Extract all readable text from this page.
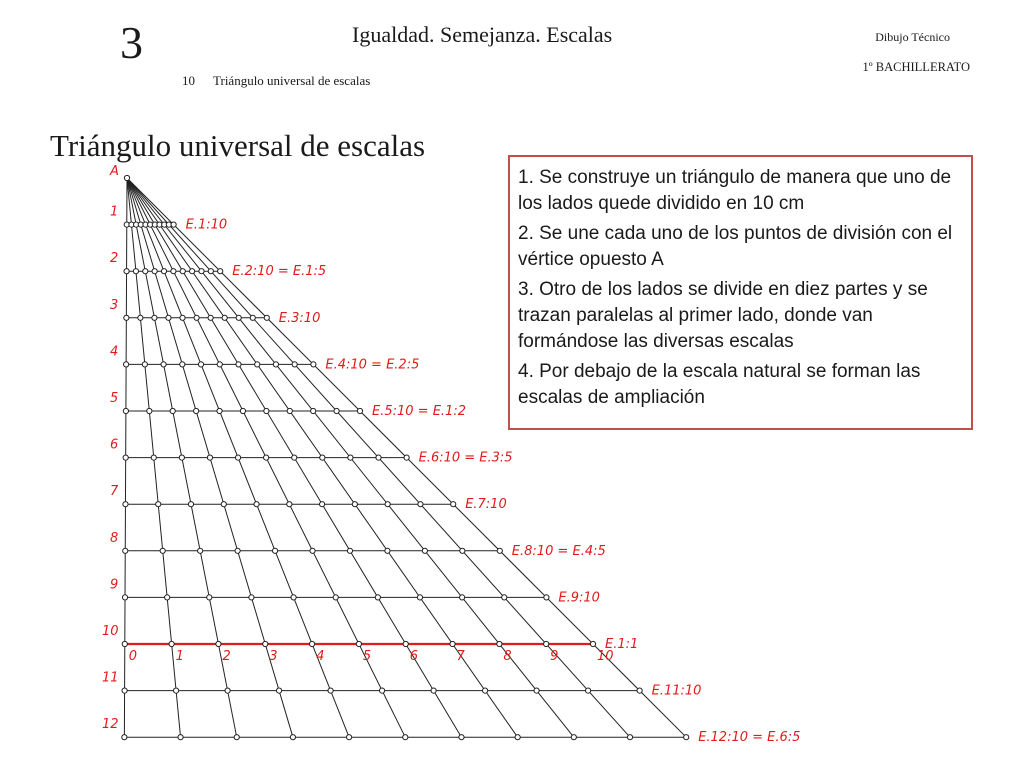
3	Igualdad. Semejanza. Escalas	Dibujo Técnico
1º BACHILLERATO
10 Triángulo universal de escalas
Triángulo universal de escalas
A
1
2
3
4
5
6
7
8
9
10
11
12
E.1:10
E.2:10 = E.1:5
E.3:10
E.4:10 = E.2:5
E.5:10 = E.1:2
E.6:10 = E.3:5
E.7:10
E.8:10 = E.4:5
E.9:10
E.1:1
E.11:10
E.12:10 = E.6:5
0	1	2	3	4	5	6	7	8	9	10

1. Se construye un triángulo de manera que uno de los lados quede dividido en 10 cm

2. Se une cada uno de los puntos de división con el vértice opuesto A

3. Otro de los lados se divide en diez partes y se trazan paralelas al primer lado, donde van formándose las diversas escalas

4. Por debajo de la escala natural se forman las escalas de ampliación
